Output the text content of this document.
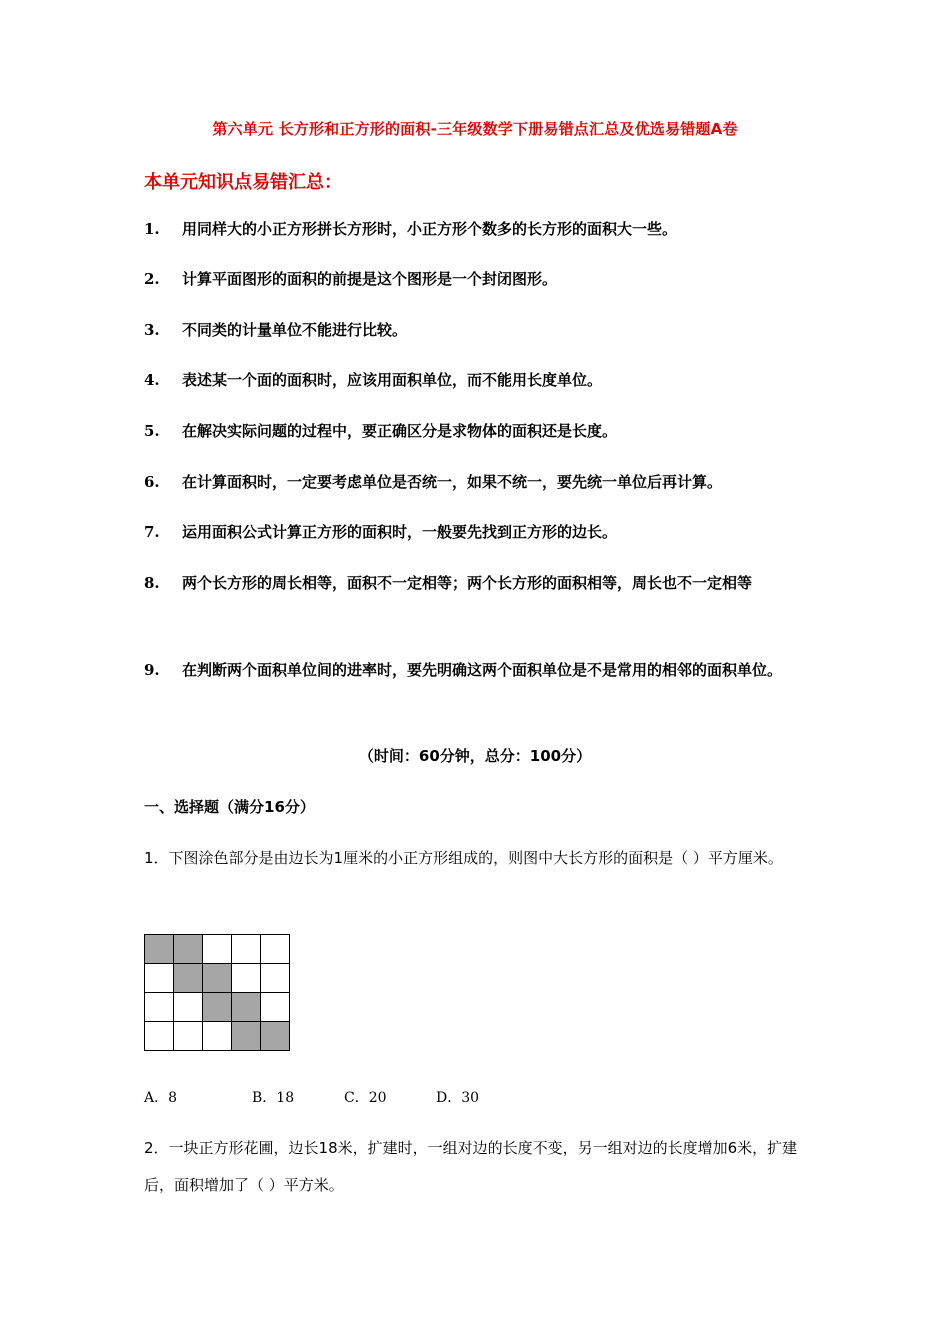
第六单元 长方形和正方形的面积-三年级数学下册易错点汇总及优选易错题A卷
本单元知识点易错汇总：
1. 用同样大的小正方形拼长方形时，小正方形个数多的长方形的面积大一些。
2. 计算平面图形的面积的前提是这个图形是一个封闭图形。
3. 不同类的计量单位不能进行比较。
4. 表述某一个面的面积时，应该用面积单位，而不能用长度单位。
5. 在解决实际问题的过程中，要正确区分是求物体的面积还是长度。
6. 在计算面积时，一定要考虑单位是否统一，如果不统一，要先统一单位后再计算。
7. 运用面积公式计算正方形的面积时，一般要先找到正方形的边长。
8. 两个长方形的周长相等，面积不一定相等；两个长方形的面积相等，周长也不一定相等
9. 在判断两个面积单位间的进率时，要先明确这两个面积单位是不是常用的相邻的面积单位。
（时间：60分钟，总分：100分）
一、选择题（满分16分）
1．下图涂色部分是由边长为1厘米的小正方形组成的，则图中大长方形的面积是（ ）平方厘米。

A．8	B．18	C．20	D．30
2．一块正方形花圃，边长18米，扩建时，一组对边的长度不变，另一组对边的长度增加6米，扩建后，面积增加了（ ）平方米。
